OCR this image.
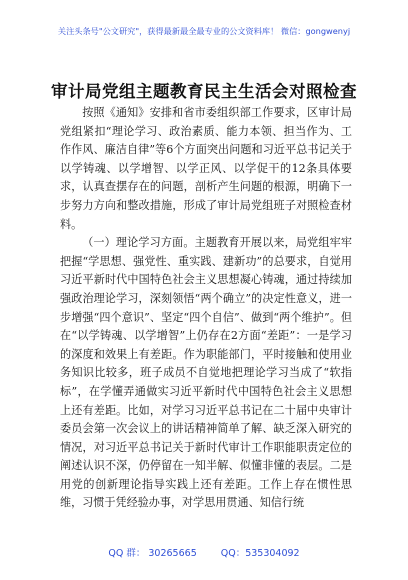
关注头条号"公文研究"，获得最新最全最专业的公文资料库！ 微信：gongwenyj
审计局党组主题教育民主生活会对照检查

按照《通知》安排和省市委组织部工作要求，区审计局党组紧扣“理论学习、政治素质、能力本领、担当作为、工作作风、廉洁自律”等6个方面突出问题和习近平总书记关于以学铸魂、以学增智、以学正风、以学促干的12条具体要求，认真查摆存在的问题，剖析产生问题的根源，明确下一步努力方向和整改措施，形成了审计局党组班子对照检查材料。

（一）理论学习方面。主题教育开展以来，局党组牢牢把握“学思想、强党性、重实践、建新功”的总要求，自觉用习近平新时代中国特色社会主义思想凝心铸魂，通过持续加强政治理论学习，深刻领悟“两个确立”的决定性意义，进一步增强“四个意识”、坚定“四个自信”、做到“两个维护”。但在“以学铸魂、以学增智”上仍存在2方面“差距”：一是学习的深度和效果上有差距。作为职能部门，平时接触和使用业务知识比较多，班子成员不自觉地把理论学习当成了“软指标”，在学懂弄通做实习近平新时代中国特色社会主义思想上还有差距。比如，对学习习近平总书记在二十届中央审计委员会第一次会议上的讲话精神简单了解、缺乏深入研究的情况，对习近平总书记关于新时代审计工作职能职责定位的阐述认识不深，仍停留在一知半解、似懂非懂的表层。二是用党的创新理论指导实践上还有差距。工作上存在惯性思维，习惯于凭经验办事，对学思用贯通、知信行统

QQ 群： 30265665	QQ：535304092
